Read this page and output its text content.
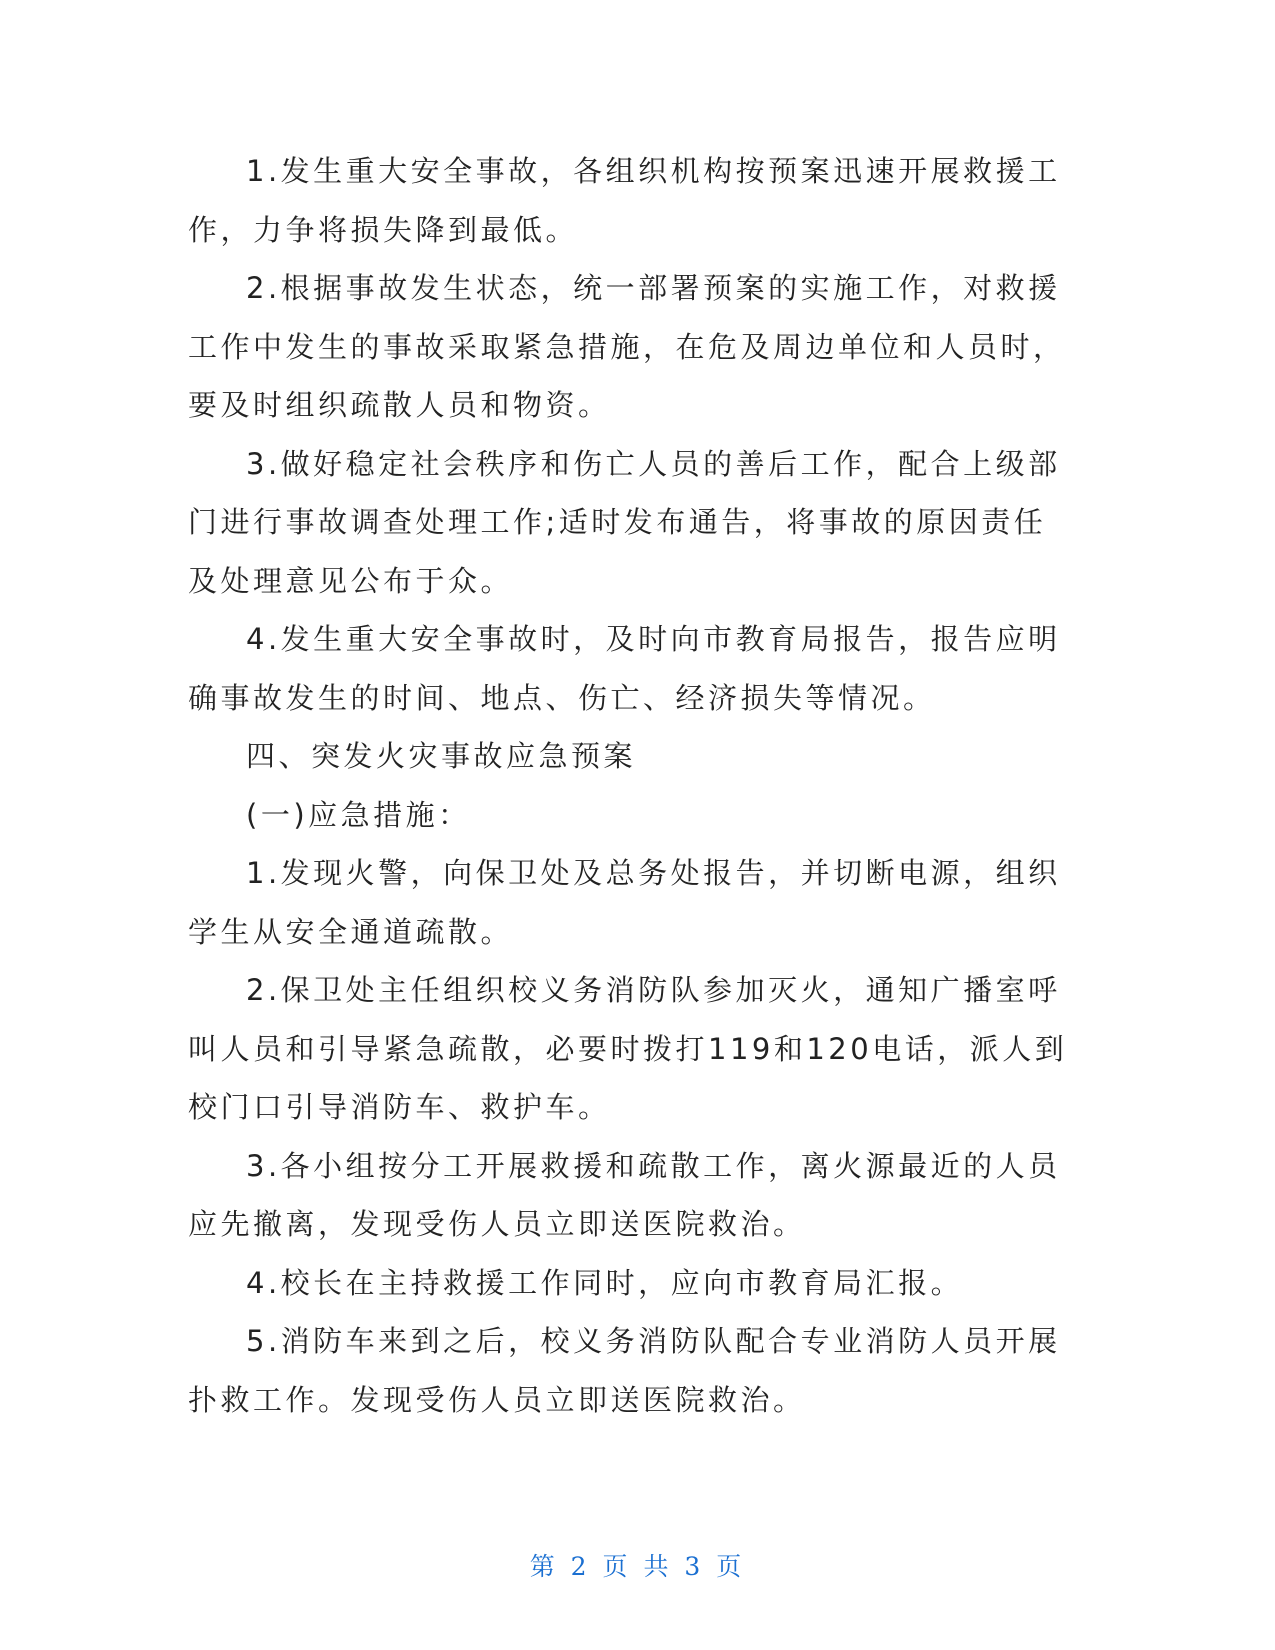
1.发生重大安全事故，各组织机构按预案迅速开展救援工作，力争将损失降到最低。

2.根据事故发生状态，统一部署预案的实施工作，对救援工作中发生的事故采取紧急措施，在危及周边单位和人员时，要及时组织疏散人员和物资。

3.做好稳定社会秩序和伤亡人员的善后工作，配合上级部门进行事故调查处理工作;适时发布通告，将事故的原因责任及处理意见公布于众。

4.发生重大安全事故时，及时向市教育局报告，报告应明确事故发生的时间、地点、伤亡、经济损失等情况。

四、突发火灾事故应急预案

(一)应急措施：

1.发现火警，向保卫处及总务处报告，并切断电源，组织学生从安全通道疏散。

2.保卫处主任组织校义务消防队参加灭火，通知广播室呼叫人员和引导紧急疏散，必要时拨打119和120电话，派人到校门口引导消防车、救护车。

3.各小组按分工开展救援和疏散工作，离火源最近的人员应先撤离，发现受伤人员立即送医院救治。

4.校长在主持救援工作同时，应向市教育局汇报。

5.消防车来到之后，校义务消防队配合专业消防人员开展扑救工作。发现受伤人员立即送医院救治。

第 2 页 共 3 页
